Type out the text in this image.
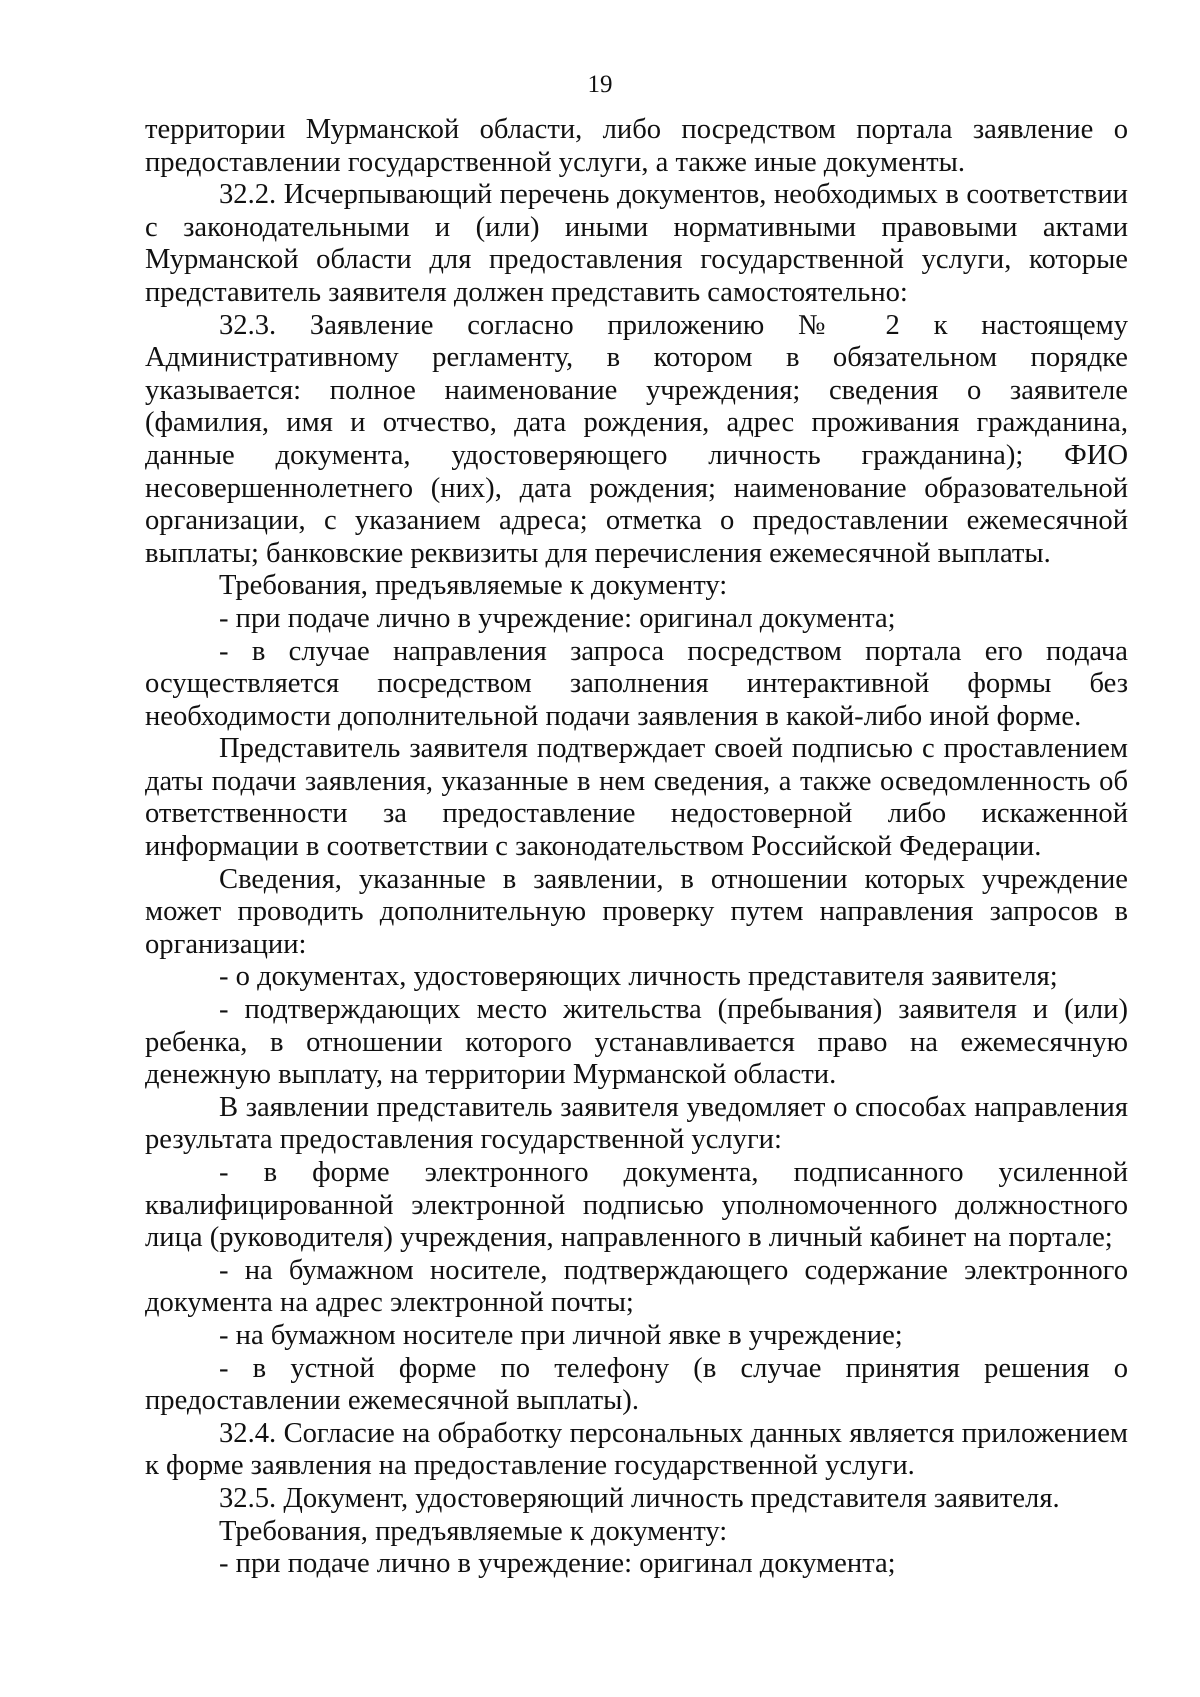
19

территории Мурманской области, либо посредством портала заявление о предоставлении государственной услуги, а также иные документы.

32.2. Исчерпывающий перечень документов, необходимых в соответствии с законодательными и (или) иными нормативными правовыми актами Мурманской области для предоставления государственной услуги, которые представитель заявителя должен представить самостоятельно:

32.3. Заявление согласно приложению № 2 к настоящему Административному регламенту, в котором в обязательном порядке указывается: полное наименование учреждения; сведения о заявителе (фамилия, имя и отчество, дата рождения, адрес проживания гражданина, данные документа, удостоверяющего личность гражданина); ФИО несовершеннолетнего (них), дата рождения; наименование образовательной организации, с указанием адреса; отметка о предоставлении ежемесячной выплаты; банковские реквизиты для перечисления ежемесячной выплаты.

Требования, предъявляемые к документу:

- при подаче лично в учреждение: оригинал документа;

- в случае направления запроса посредством портала его подача осуществляется посредством заполнения интерактивной формы без необходимости дополнительной подачи заявления в какой-либо иной форме.

Представитель заявителя подтверждает своей подписью с проставлением даты подачи заявления, указанные в нем сведения, а также осведомленность об ответственности за предоставление недостоверной либо искаженной информации в соответствии с законодательством Российской Федерации.

Сведения, указанные в заявлении, в отношении которых учреждение может проводить дополнительную проверку путем направления запросов в организации:

- о документах, удостоверяющих личность представителя заявителя;

- подтверждающих место жительства (пребывания) заявителя и (или) ребенка, в отношении которого устанавливается право на ежемесячную денежную выплату, на территории Мурманской области.

В заявлении представитель заявителя уведомляет о способах направления результата предоставления государственной услуги:

- в форме электронного документа, подписанного усиленной квалифицированной электронной подписью уполномоченного должностного лица (руководителя) учреждения, направленного в личный кабинет на портале;

- на бумажном носителе, подтверждающего содержание электронного документа на адрес электронной почты;

- на бумажном носителе при личной явке в учреждение;

- в устной форме по телефону (в случае принятия решения о предоставлении ежемесячной выплаты).

32.4. Согласие на обработку персональных данных является приложением к форме заявления на предоставление государственной услуги.

32.5. Документ, удостоверяющий личность представителя заявителя.

Требования, предъявляемые к документу:

- при подаче лично в учреждение: оригинал документа;
